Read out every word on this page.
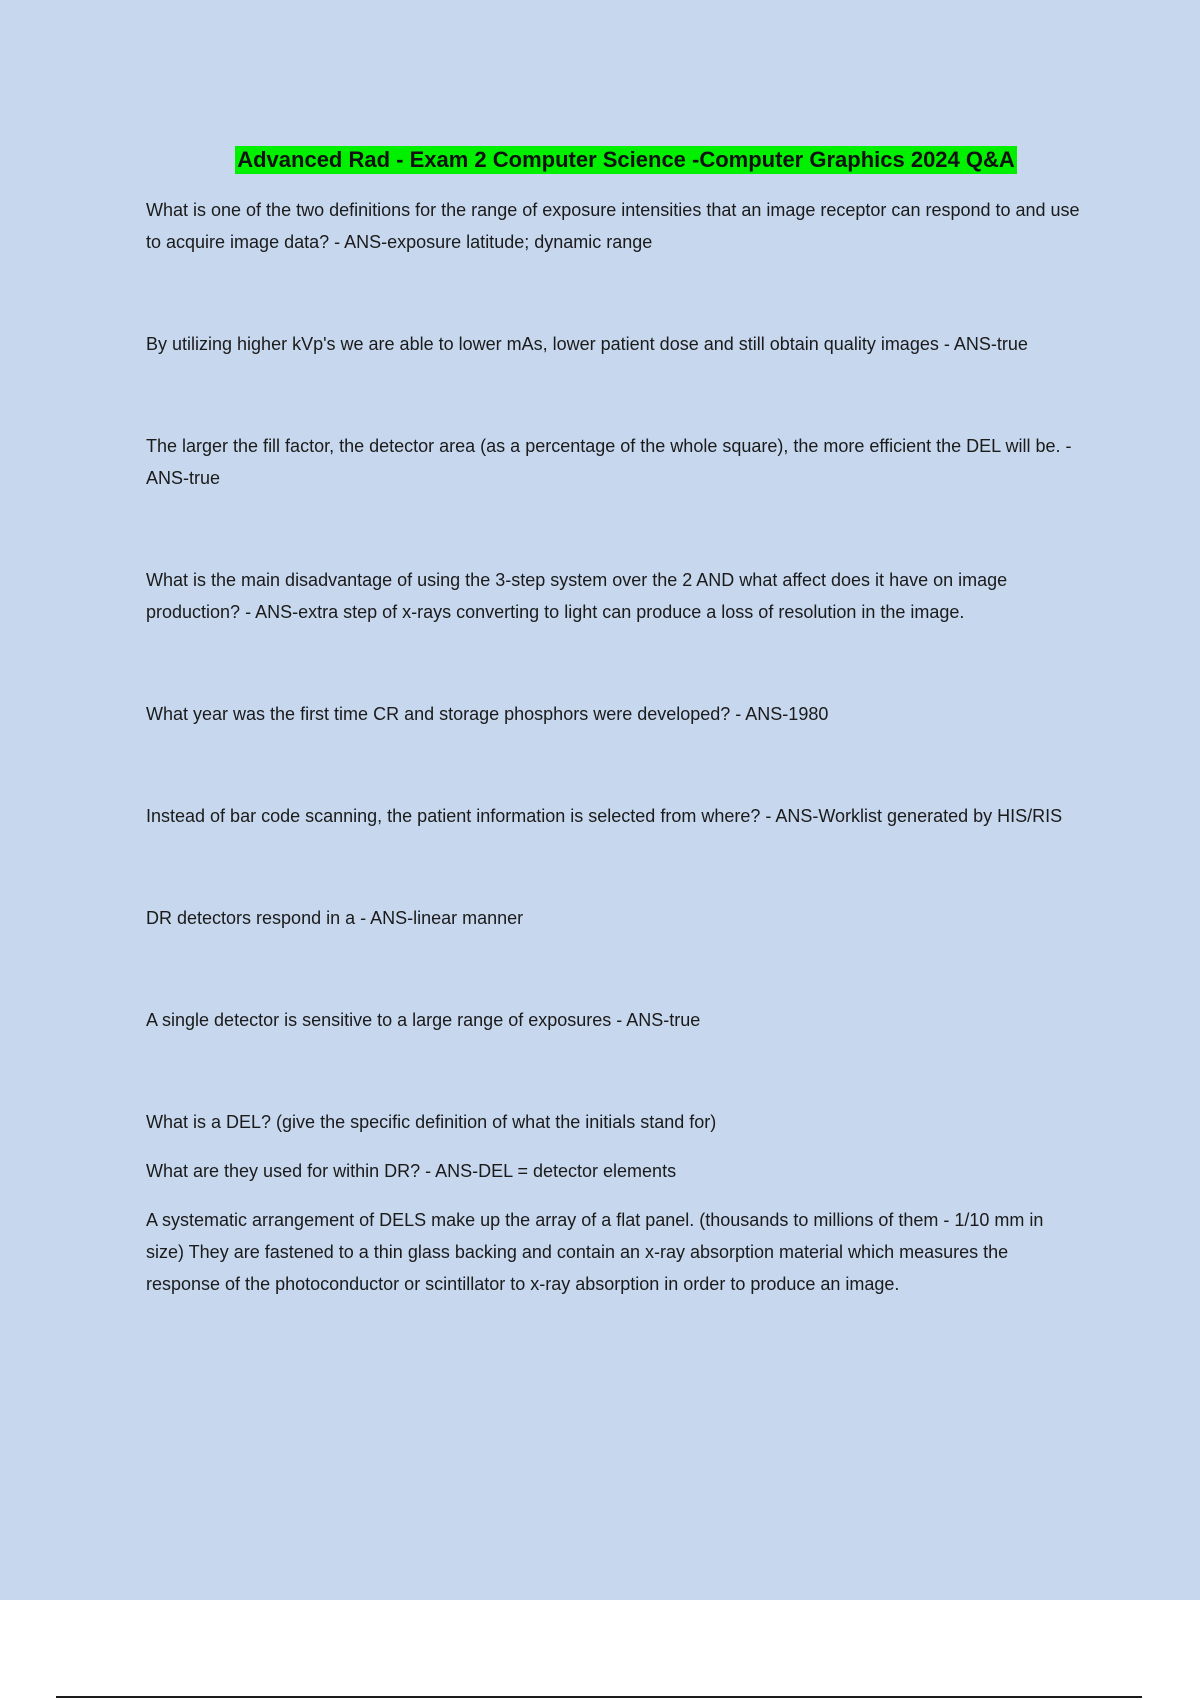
Advanced Rad - Exam 2 Computer Science -Computer Graphics 2024 Q&A

What is one of the two definitions for the range of exposure intensities that an image receptor can respond to and use to acquire image data? - ANS-exposure latitude; dynamic range

By utilizing higher kVp's we are able to lower mAs, lower patient dose and still obtain quality images - ANS-true

The larger the fill factor, the detector area (as a percentage of the whole square), the more efficient the DEL will be. - ANS-true

What is the main disadvantage of using the 3-step system over the 2 AND what affect does it have on image production? - ANS-extra step of x-rays converting to light can produce a loss of resolution in the image.

What year was the first time CR and storage phosphors were developed? - ANS-1980

Instead of bar code scanning, the patient information is selected from where? - ANS-Worklist generated by HIS/RIS

DR detectors respond in a - ANS-linear manner

A single detector is sensitive to a large range of exposures - ANS-true

What is a DEL? (give the specific definition of what the initials stand for)

What are they used for within DR? - ANS-DEL = detector elements

A systematic arrangement of DELS make up the array of a flat panel. (thousands to millions of them - 1/10 mm in size) They are fastened to a thin glass backing and contain an x-ray absorption material which measures the response of the photoconductor or scintillator to x-ray absorption in order to produce an image.
